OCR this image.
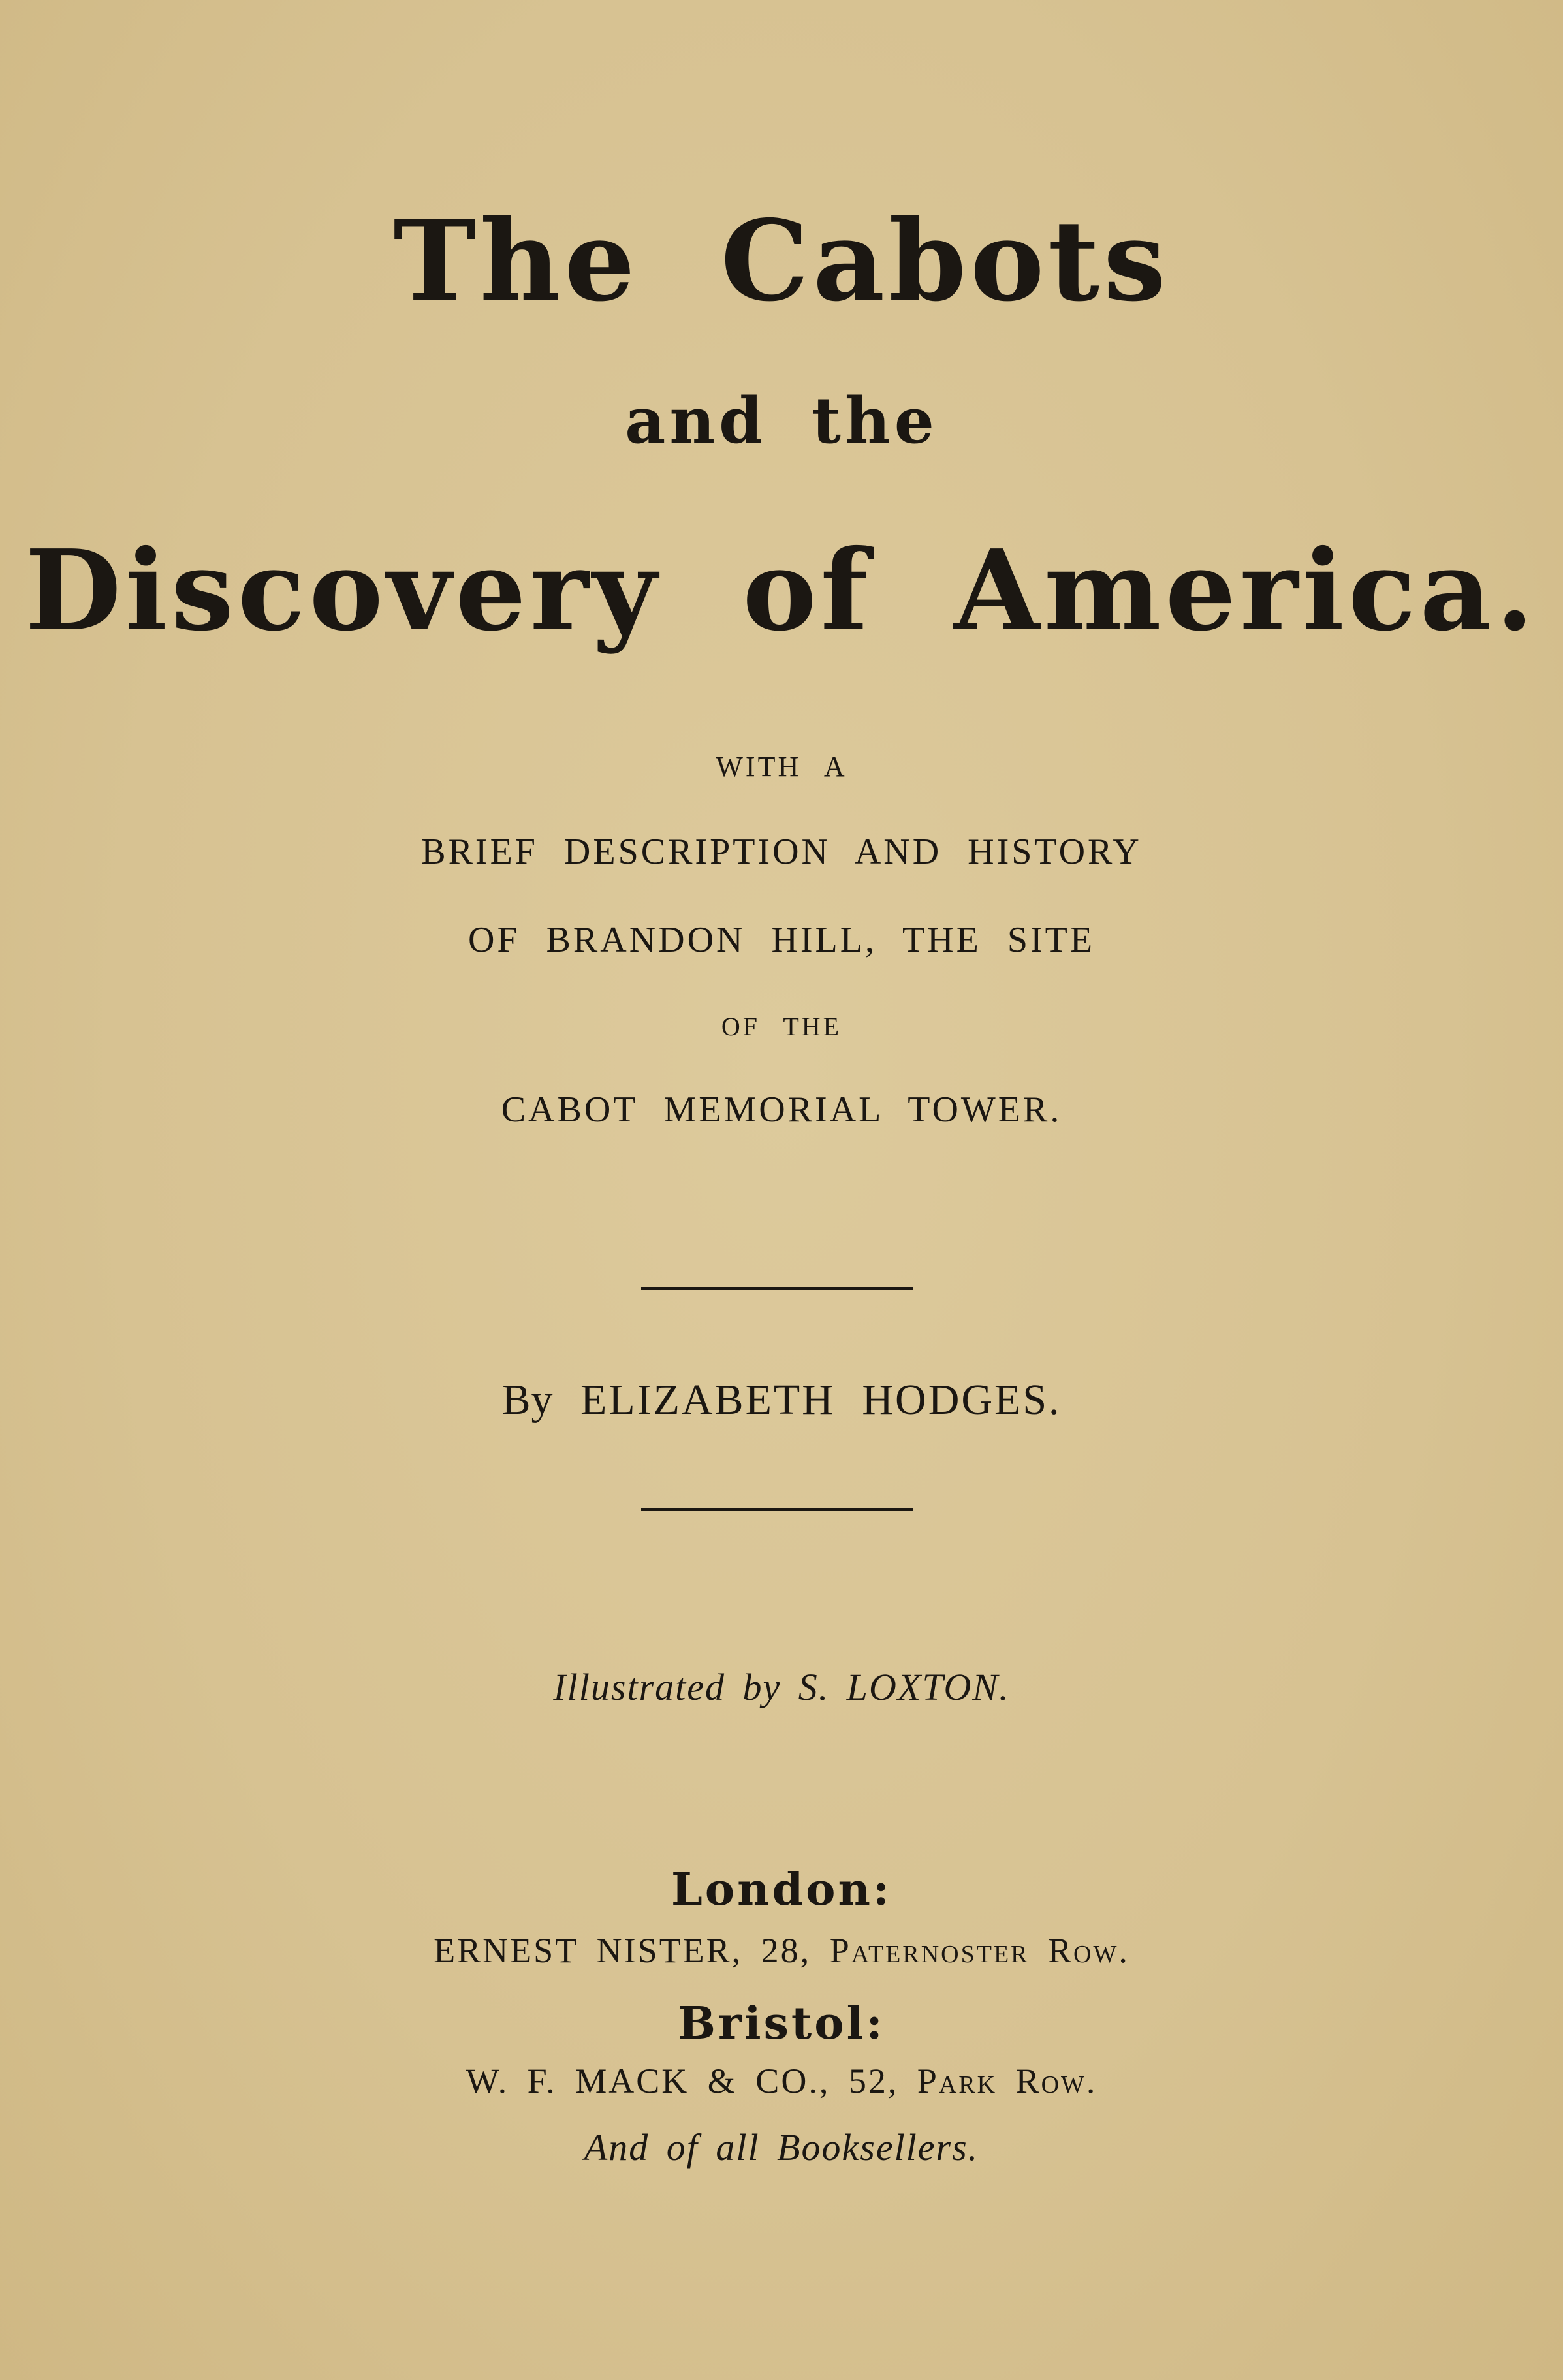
The Cabots
and the
Discovery of America.
WITH A
BRIEF DESCRIPTION AND HISTORY
OF BRANDON HILL, THE SITE
OF THE
CABOT MEMORIAL TOWER.
By ELIZABETH HODGES.
Illustrated by S. LOXTON.
London:
ERNEST NISTER, 28, Paternoster Row.
Bristol:
W. F. MACK & CO., 52, Park Row.
And of all Booksellers.
